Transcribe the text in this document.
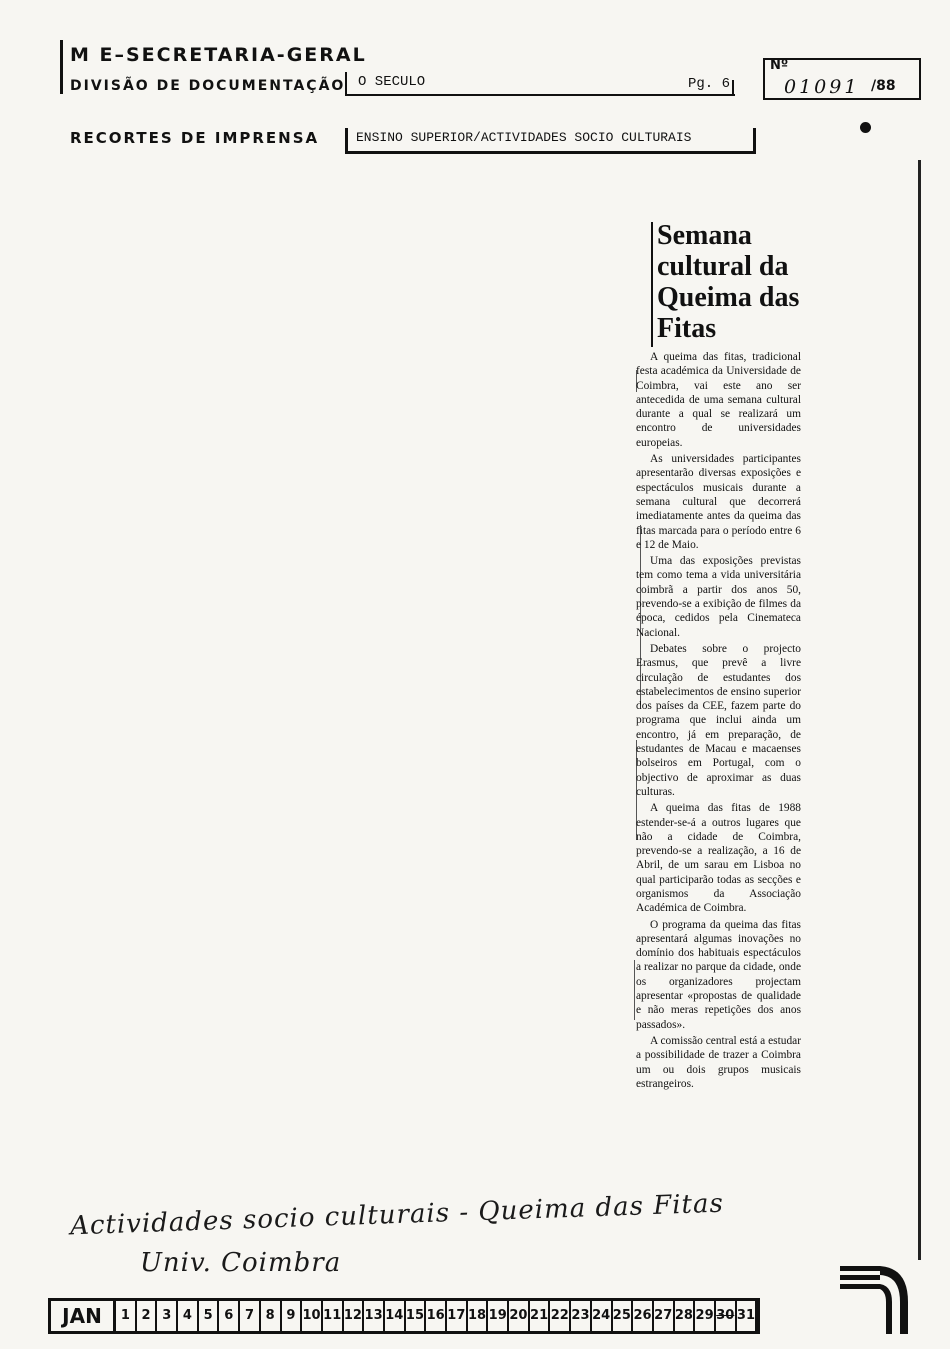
M E–SECRETARIA-GERAL
DIVISÃO DE DOCUMENTAÇÃO
RECORTES DE IMPRENSA
O SECULO	Pg. 6
Nº
01091 /88
ENSINO SUPERIOR/ACTIVIDADES SOCIO CULTURAIS
Semana cultural da Queima das Fitas

A queima das fitas, tradicional festa académica da Universidade de Coimbra, vai este ano ser antecedida de uma semana cultural durante a qual se realizará um encontro de universidades europeias.

As universidades participantes apresentarão diversas exposições e espectáculos musicais durante a semana cultural que decorrerá imediatamente antes da queima das fitas marcada para o período entre 6 e 12 de Maio.

Uma das exposições previstas tem como tema a vida universitária coimbrã a partir dos anos 50, prevendo-se a exibição de filmes da época, cedidos pela Cinemateca Nacional.

Debates sobre o projecto Erasmus, que prevê a livre circulação de estudantes dos estabelecimentos de ensino superior dos países da CEE, fazem parte do programa que inclui ainda um encontro, já em preparação, de estudantes de Macau e macaenses bolseiros em Portugal, com o objectivo de aproximar as duas culturas.

A queima das fitas de 1988 estender-se-á a outros lugares que não a cidade de Coimbra, prevendo-se a realização, a 16 de Abril, de um sarau em Lisboa no qual participarão todas as secções e organismos da Associação Académica de Coimbra.

O programa da queima das fitas apresentará algumas inovações no domínio dos habituais espectáculos a realizar no parque da cidade, onde os organizadores projectam apresentar «propostas de qualidade e não meras repetições dos anos passados».

A comissão central está a estudar a possibilidade de trazer a Coimbra um ou dois grupos musicais estrangeiros.

Actividades socio culturais - Queima das Fitas
Univ. Coimbra
JAN	1 2 3 4 5 6 7 8 9 10 11 12 13 14 15 16 17 18 19 20 21 22 23 24 25 26 27 28 29 30 31
